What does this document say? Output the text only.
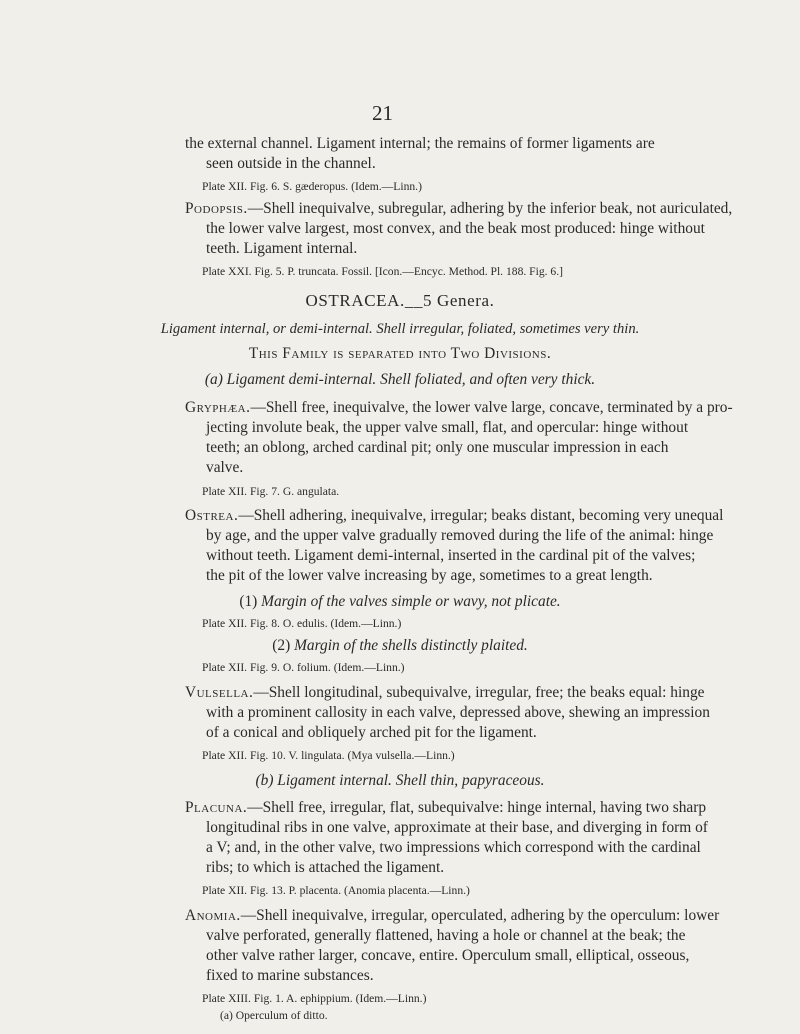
21
the external channel. Ligament internal; the remains of former ligaments are
seen outside in the channel.
Plate XII. Fig. 6. S. gæderopus. (Idem.—Linn.)
Podopsis.—Shell inequivalve, subregular, adhering by the inferior beak, not auriculated,
the lower valve largest, most convex, and the beak most produced: hinge without
teeth. Ligament internal.
Plate XXI. Fig. 5. P. truncata. Fossil. [Icon.—Encyc. Method. Pl. 188. Fig. 6.]
OSTRACEA.__5 Genera.
Ligament internal, or demi-internal. Shell irregular, foliated, sometimes very thin.
This Family is separated into Two Divisions.
(a) Ligament demi-internal. Shell foliated, and often very thick.
Gryphæa.—Shell free, inequivalve, the lower valve large, concave, terminated by a pro-
jecting involute beak, the upper valve small, flat, and opercular: hinge without
teeth; an oblong, arched cardinal pit; only one muscular impression in each
valve.
Plate XII. Fig. 7. G. angulata.
Ostrea.—Shell adhering, inequivalve, irregular; beaks distant, becoming very unequal
by age, and the upper valve gradually removed during the life of the animal: hinge
without teeth. Ligament demi-internal, inserted in the cardinal pit of the valves;
the pit of the lower valve increasing by age, sometimes to a great length.
(1) Margin of the valves simple or wavy, not plicate.
Plate XII. Fig. 8. O. edulis. (Idem.—Linn.)
(2) Margin of the shells distinctly plaited.
Plate XII. Fig. 9. O. folium. (Idem.—Linn.)
Vulsella.—Shell longitudinal, subequivalve, irregular, free; the beaks equal: hinge
with a prominent callosity in each valve, depressed above, shewing an impression
of a conical and obliquely arched pit for the ligament.
Plate XII. Fig. 10. V. lingulata. (Mya vulsella.—Linn.)
(b) Ligament internal. Shell thin, papyraceous.
Placuna.—Shell free, irregular, flat, subequivalve: hinge internal, having two sharp
longitudinal ribs in one valve, approximate at their base, and diverging in form of
a V; and, in the other valve, two impressions which correspond with the cardinal
ribs; to which is attached the ligament.
Plate XII. Fig. 13. P. placenta. (Anomia placenta.—Linn.)
Anomia.—Shell inequivalve, irregular, operculated, adhering by the operculum: lower
valve perforated, generally flattened, having a hole or channel at the beak; the
other valve rather larger, concave, entire. Operculum small, elliptical, osseous,
fixed to marine substances.
Plate XIII. Fig. 1. A. ephippium. (Idem.—Linn.)
(a) Operculum of ditto.
